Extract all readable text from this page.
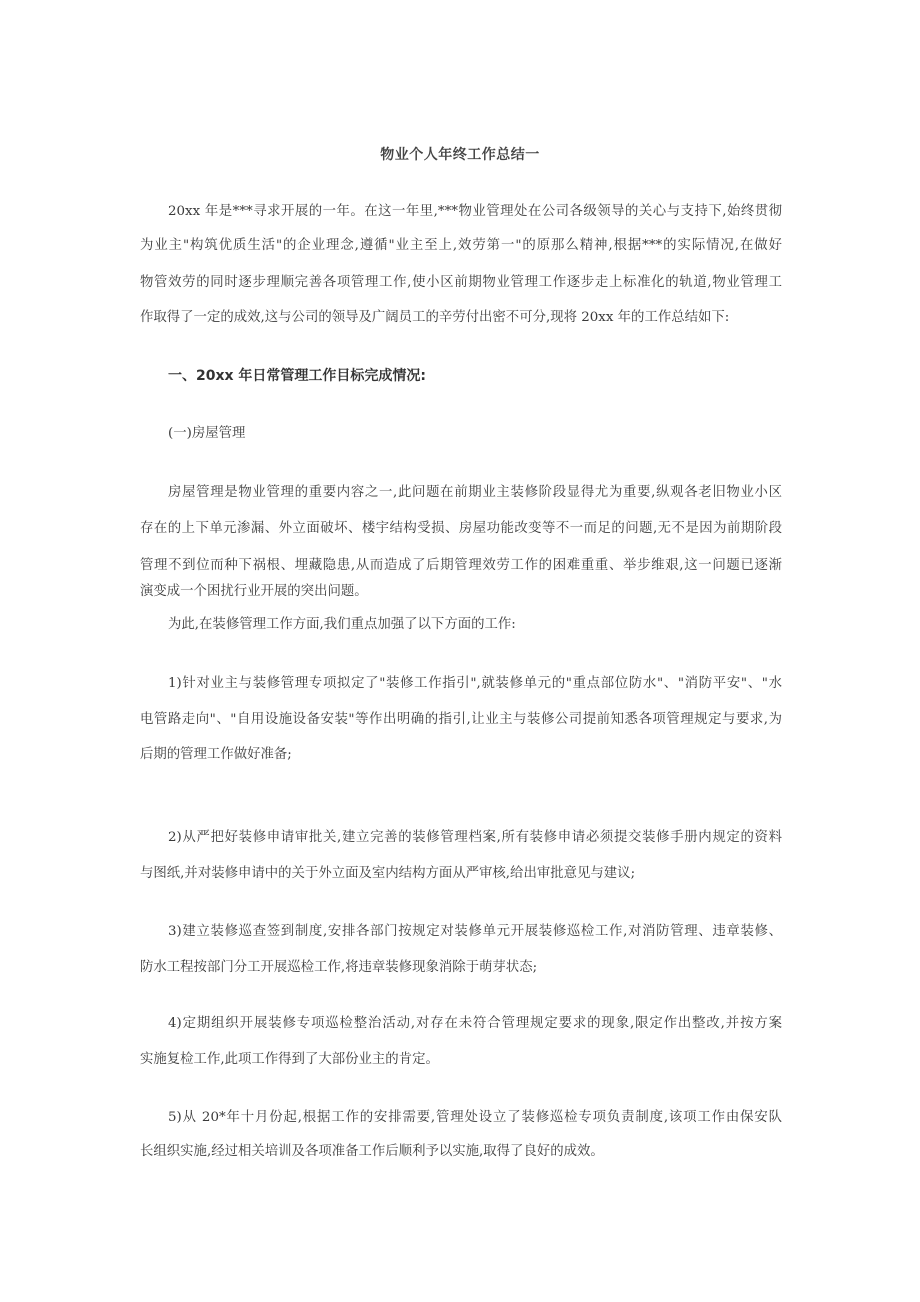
物业个人年终工作总结一
20xx 年是***寻求开展的一年。在这一年里,***物业管理处在公司各级领导的关心与支持下,始终贯彻
为业主"构筑优质生活"的企业理念,遵循"业主至上,效劳第一"的原那么精神,根据***的实际情况,在做好
物管效劳的同时逐步理顺完善各项管理工作,使小区前期物业管理工作逐步走上标准化的轨道,物业管理工
作取得了一定的成效,这与公司的领导及广阔员工的辛劳付出密不可分,现将 20xx 年的工作总结如下:
一、20xx 年日常管理工作目标完成情况:
(一)房屋管理
房屋管理是物业管理的重要内容之一,此问题在前期业主装修阶段显得尤为重要,纵观各老旧物业小区
存在的上下单元渗漏、外立面破坏、楼宇结构受损、房屋功能改变等不一而足的问题,无不是因为前期阶段
管理不到位而种下祸根、埋藏隐患,从而造成了后期管理效劳工作的困难重重、举步维艰,这一问题已逐渐
演变成一个困扰行业开展的突出问题。
为此,在装修管理工作方面,我们重点加强了以下方面的工作:
1)针对业主与装修管理专项拟定了"装修工作指引",就装修单元的"重点部位防水"、"消防平安"、"水
电管路走向"、"自用设施设备安装"等作出明确的指引,让业主与装修公司提前知悉各项管理规定与要求,为
后期的管理工作做好准备;
2)从严把好装修申请审批关,建立完善的装修管理档案,所有装修申请必须提交装修手册内规定的资料
与图纸,并对装修申请中的关于外立面及室内结构方面从严审核,给出审批意见与建议;
3)建立装修巡查签到制度,安排各部门按规定对装修单元开展装修巡检工作,对消防管理、违章装修、
防水工程按部门分工开展巡检工作,将违章装修现象消除于萌芽状态;
4)定期组织开展装修专项巡检整治活动,对存在未符合管理规定要求的现象,限定作出整改,并按方案
实施复检工作,此项工作得到了大部份业主的肯定。
5)从 20*年十月份起,根据工作的安排需要,管理处设立了装修巡检专项负责制度,该项工作由保安队
长组织实施,经过相关培训及各项准备工作后顺利予以实施,取得了良好的成效。
